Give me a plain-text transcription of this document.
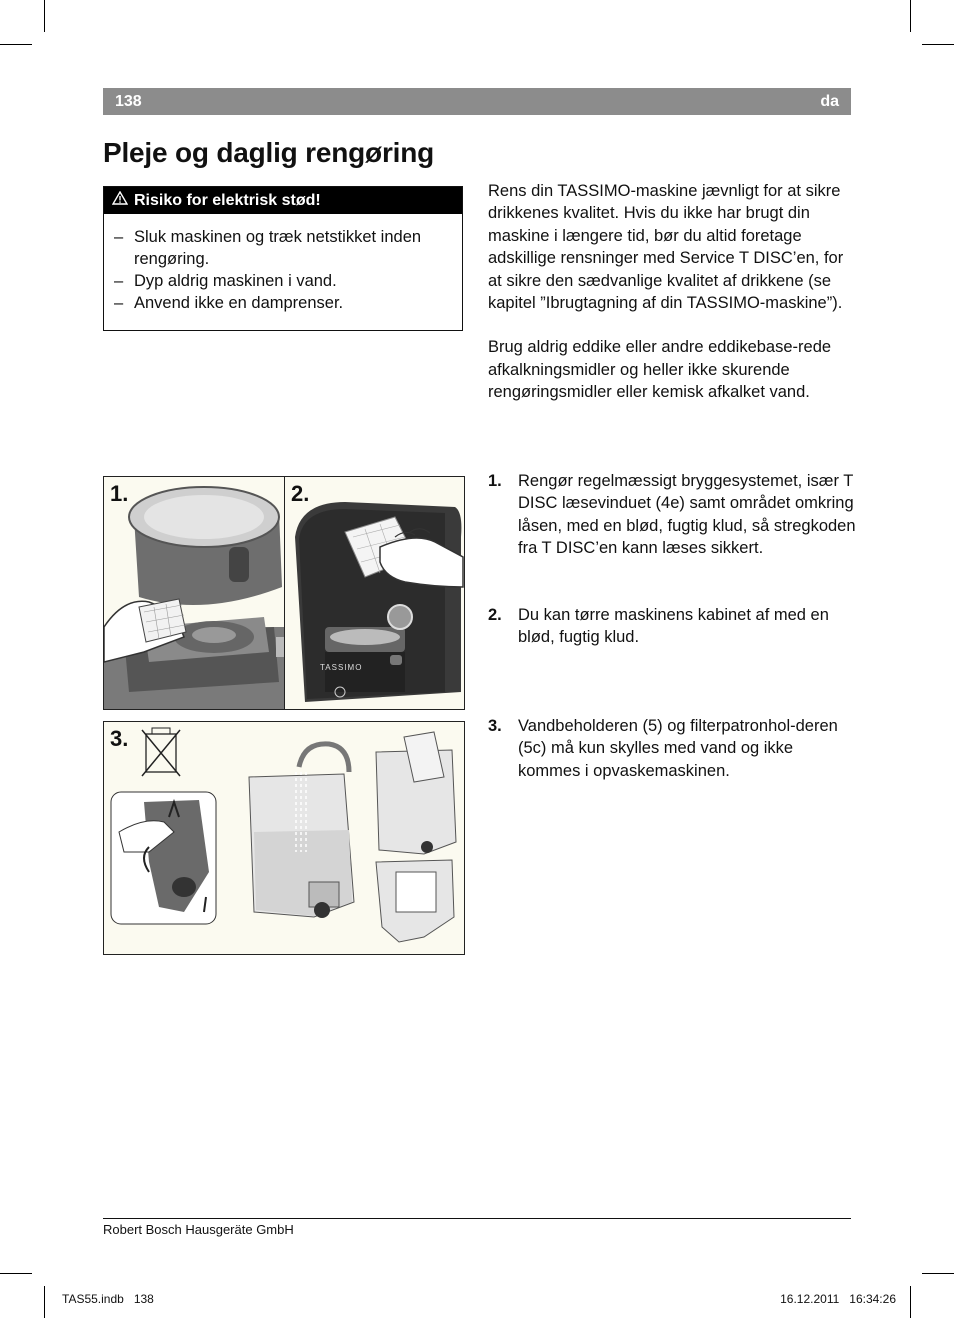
138	da
Pleje og daglig rengøring
Risiko for elektrisk stød!
– Sluk maskinen og træk netstikket inden rengøring.
– Dyp aldrig maskinen i vand.
– Anvend ikke en damprenser.

Rens din TASSIMO-maskine jævnligt for at sikre drikkenes kvalitet. Hvis du ikke har brugt din maskine i længere tid, bør du altid foretage adskillige rensninger med Service T DISC’en, for at sikre den sædvanlige kvalitet af drikkene (se kapitel ”Ibrugtagning af din TASSIMO-maskine”).

Brug aldrig eddike eller andre eddikebase-rede afkalkningsmidler og heller ikke skurende rengøringsmidler eller kemisk afkalket vand.

1. Rengør regelmæssigt bryggesystemet, især T DISC læsevinduet (4e) samt området omkring låsen, med en blød, fugtig klud, så stregkoden fra T DISC’en kann læses sikkert.
2. Du kan tørre maskinens kabinet af med en blød, fugtig klud.
3. Vandbeholderen (5) og filterpatronhol-deren (5c) må kun skylles med vand og ikke kommes i opvaskemaskinen.
1.	2.
TASSIMO
3.
Robert Bosch Hausgeräte GmbH
TAS55.indb   138	16.12.2011   16:34:26
